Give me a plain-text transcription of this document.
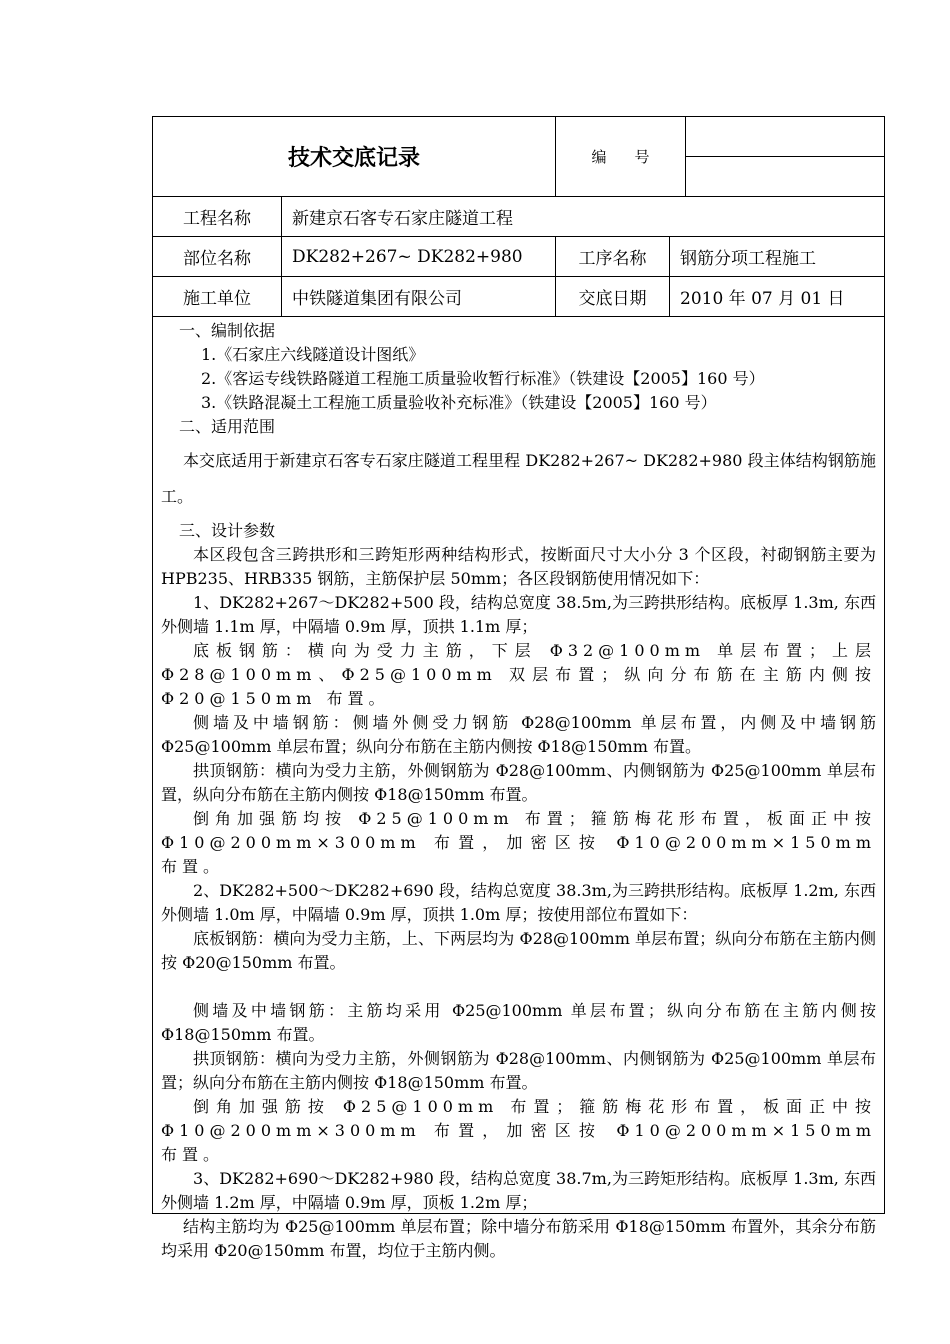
技术交底记录	编号
工程名称	新建京石客专石家庄隧道工程
部位名称	DK282+267~ DK282+980	工序名称	钢筋分项工程施工
施工单位	中铁隧道集团有限公司	交底日期	2010 年 07 月 01 日

一、编制依据

1.《石家庄六线隧道设计图纸》

2.《客运专线铁路隧道工程施工质量验收暂行标准》（铁建设【2005】160 号）

3.《铁路混凝土工程施工质量验收补充标准》（铁建设【2005】160 号）

二、适用范围

本交底适用于新建京石客专石家庄隧道工程里程 DK282+267~ DK282+980 段主体结构钢筋施工。

三、设计参数

本区段包含三跨拱形和三跨矩形两种结构形式，按断面尺寸大小分 3 个区段，衬砌钢筋主要为 HPB235、HRB335 钢筋，主筋保护层 50mm；各区段钢筋使用情况如下：

1、DK282+267～DK282+500 段，结构总宽度 38.5m,为三跨拱形结构。底板厚 1.3m, 东西外侧墙 1.1m 厚，中隔墙 0.9m 厚，顶拱 1.1m 厚；

底板钢筋：横向为受力主筋，下层 Φ32@100mm 单层布置；上层 Φ28@100mm、Φ25@100mm 双层布置；纵向分布筋在主筋内侧按 Φ20@150mm 布置。

侧墙及中墙钢筋：侧墙外侧受力钢筋 Φ28@100mm 单层布置，内侧及中墙钢筋 Φ25@100mm 单层布置；纵向分布筋在主筋内侧按 Φ18@150mm 布置。

拱顶钢筋：横向为受力主筋，外侧钢筋为 Φ28@100mm、内侧钢筋为 Φ25@100mm 单层布置，纵向分布筋在主筋内侧按 Φ18@150mm 布置。

倒角加强筋均按 Φ25@100mm 布置；箍筋梅花形布置，板面正中按 Φ10@200mm×300mm 布置，加密区按 Φ10@200mm×150mm 布置。

2、DK282+500～DK282+690 段，结构总宽度 38.3m,为三跨拱形结构。底板厚 1.2m, 东西外侧墙 1.0m 厚，中隔墙 0.9m 厚，顶拱 1.0m 厚；按使用部位布置如下：

底板钢筋：横向为受力主筋，上、下两层均为 Φ28@100mm 单层布置；纵向分布筋在主筋内侧按 Φ20@150mm 布置。

侧墙及中墙钢筋：主筋均采用 Φ25@100mm 单层布置；纵向分布筋在主筋内侧按 Φ18@150mm 布置。

拱顶钢筋：横向为受力主筋，外侧钢筋为 Φ28@100mm、内侧钢筋为 Φ25@100mm 单层布置；纵向分布筋在主筋内侧按 Φ18@150mm 布置。

倒角加强筋按 Φ25@100mm 布置；箍筋梅花形布置，板面正中按 Φ10@200mm×300mm 布置，加密区按 Φ10@200mm×150mm 布置。

3、DK282+690～DK282+980 段，结构总宽度 38.7m,为三跨矩形结构。底板厚 1.3m, 东西外侧墙 1.2m 厚，中隔墙 0.9m 厚，顶板 1.2m 厚；

结构主筋均为 Φ25@100mm 单层布置；除中墙分布筋采用 Φ18@150mm 布置外，其余分布筋均采用 Φ20@150mm 布置，均位于主筋内侧。
